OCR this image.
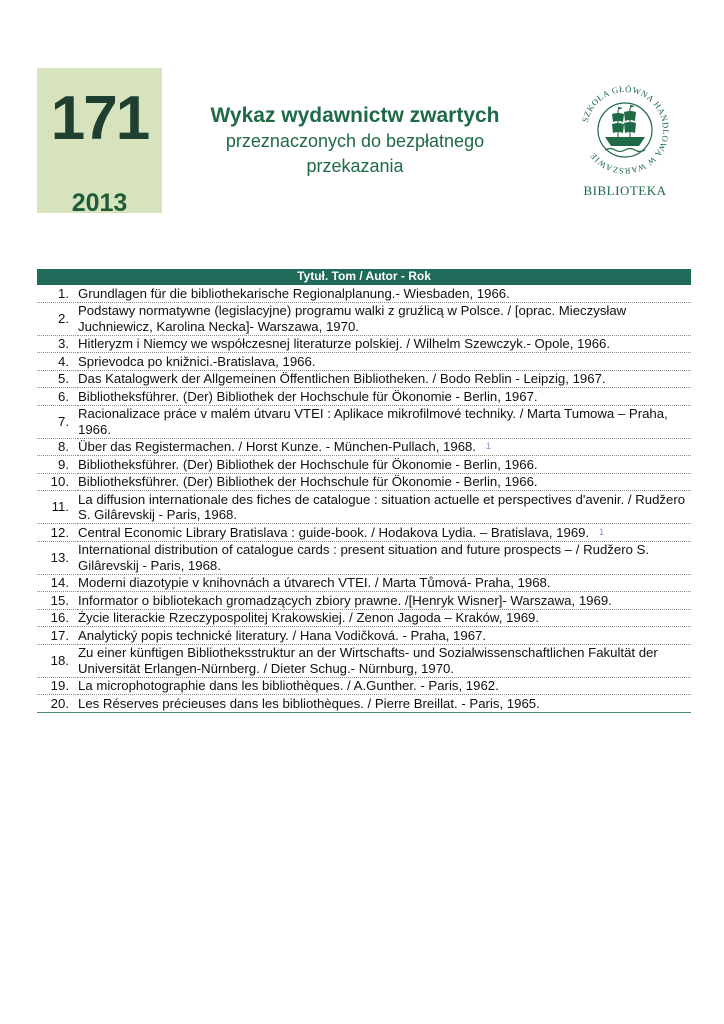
171
2013
Wykaz wydawnictw zwartych
przeznaczonych do bezpłatnego
przekazania
SZKOŁA GŁÓWNA HANDLOWA W WARSZAWIE
BIBLIOTEKA
Tytuł. Tom / Autor - Rok	
1.	Grundlagen für die bibliothekarische Regionalplanung.- Wiesbaden, 1966.
2.	Podstawy normatywne (legislacyjne) programu walki z gruźlicą w Polsce. / [oprac. Mieczysław Juchniewicz, Karolina Necka]- Warszawa, 1970.
3.	Hitleryzm i Niemcy we współczesnej literaturze polskiej. / Wilhelm Szewczyk.- Opole, 1966.
4.	Sprievodca po knižnici.-Bratislava, 1966.
5.	Das Katalogwerk der Allgemeinen Öffentlichen Bibliotheken. / Bodo Reblin - Leipzig, 1967.
6.	Bibliotheksführer. (Der) Bibliothek der Hochschule für Ökonomie - Berlin, 1967.
7.	Racionalizace práce v malém útvaru VTEI : Aplikace mikrofilmové techniky. / Marta Tumowa – Praha, 1966.
8.	Über das Registermachen. / Horst Kunze. - München-Pullach, 1968. $^1$
9.	Bibliotheksführer. (Der) Bibliothek der Hochschule für Ökonomie - Berlin, 1966.
10.	Bibliotheksführer. (Der) Bibliothek der Hochschule für Ökonomie - Berlin, 1966.
11.	La diffusion internationale des fiches de catalogue : situation actuelle et perspectives d'avenir. / Rudžero S. Gilârevskij - Paris, 1968.
12.	Central Economic Library Bratislava : guide-book. / Hodakova Lydia. – Bratislava, 1969. $^1$
13.	International distribution of catalogue cards : present situation and future prospects – / Rudžero S. Gilârevskij - Paris, 1968.
14.	Moderni diazotypie v knihovnách a útvarech VTEI. / Marta Tůmová- Praha, 1968.
15.	Informator o bibliotekach gromadzących zbiory prawne. /[Henryk Wisner]- Warszawa, 1969.
16.	Życie literackie Rzeczypospolitej Krakowskiej. / Zenon Jagoda – Kraków, 1969.
17.	Analytický popis technické literatury. / Hana Vodičková. - Praha, 1967.
18.	Zu einer künftigen Bibliotheksstruktur an der Wirtschafts- und Sozialwissenschaftlichen Fakultät der Universität Erlangen-Nürnberg. / Dieter Schug.- Nürnburg, 1970.
19.	La microphotographie dans les bibliothèques. / A.Gunther. - Paris, 1962.
20.	Les Réserves précieuses dans les bibliothèques. / Pierre Breillat. - Paris, 1965.
